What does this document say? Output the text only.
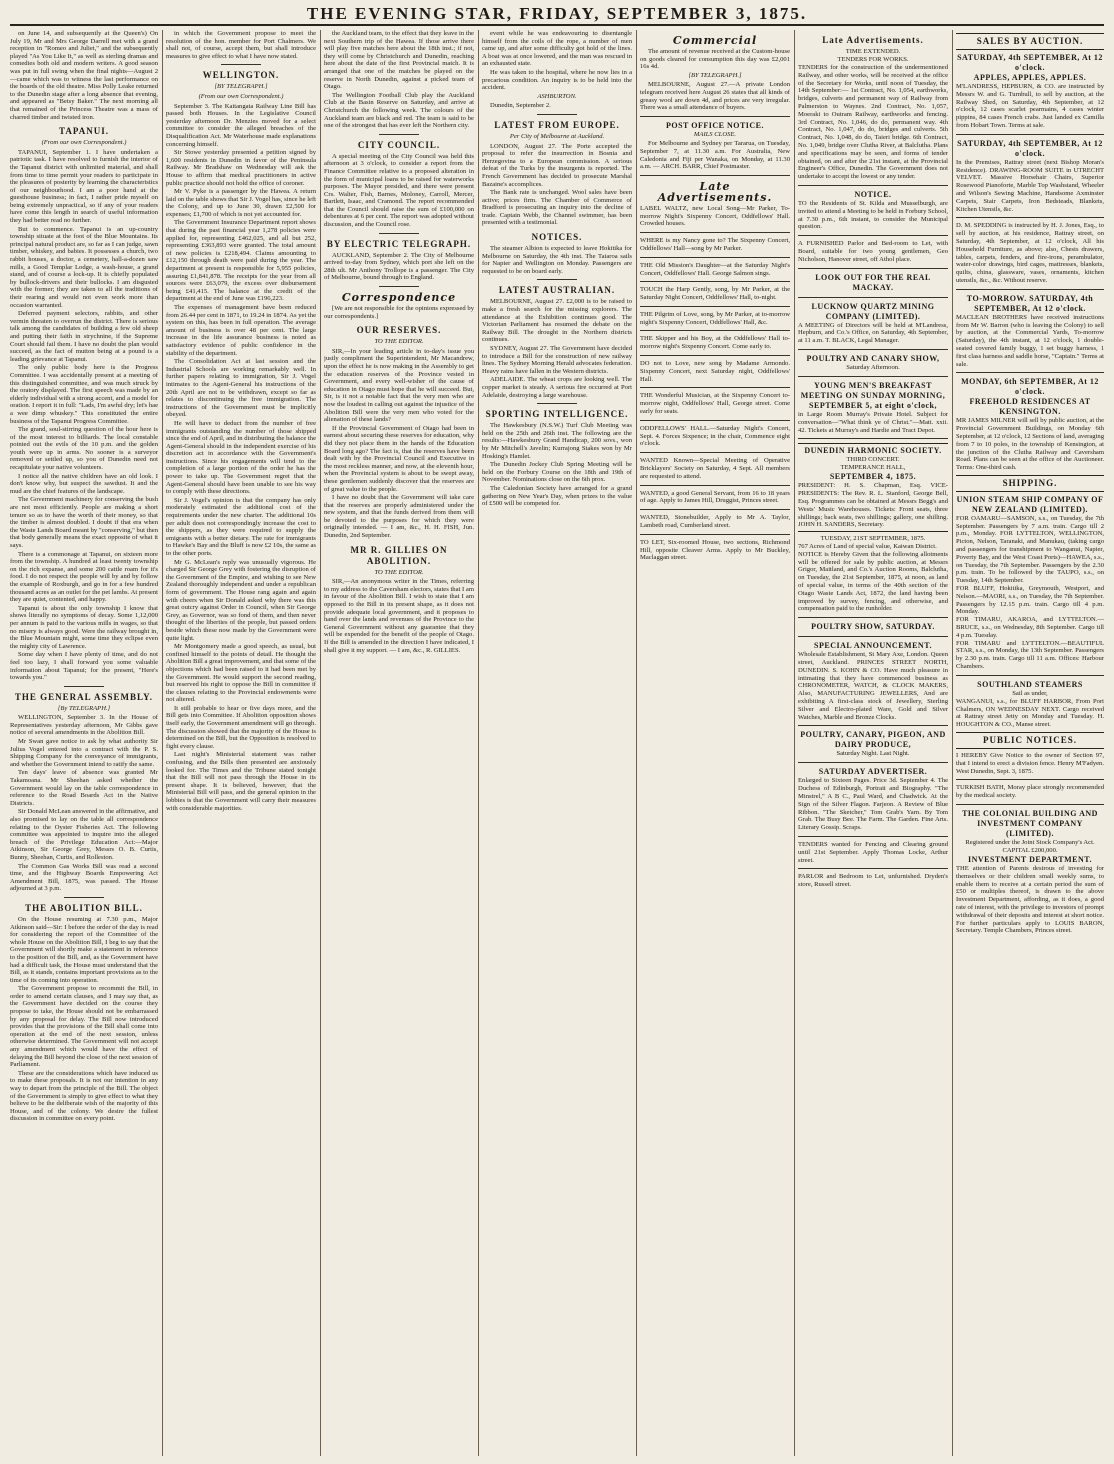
THE EVENING STAR, FRIDAY, SEPTEMBER 3, 1875.

on June 14, and subsequently at the Queen's) On July 19, Mr and Mrs George Darrell met with a grand reception in "Romeo and Juliet," and the subsequently played "As You Like It," as well as sterling dramas and comedies both old and modern writers. A good season was put in full swing when the final nights—August 2—came which was to witness the last performance on the boards of the old theatre. Miss Polly Leake returned to the Dunedin stage after a long absence that evening, and appeared as "Betsy Baker." The next morning all that remained of the Princess Theatre was a mass of charred timber and twisted iron.

TAPANUI.
(From our own Correspondent.)

TAPANUI, September 1. I have undertaken a patriotic task. I have resolved to furnish the interior of the Tapanui district with unlimited material, and shall from time to time permit your readers to participate in the pleasures of posterity by learning the characteristics of our neighbourhood. I am a poor hand at the guesthouse business; in fact, I rather pride myself on being extremely unpractical, so if any of your readers have come this length in search of useful information they had better read no further.

But to commence. Tapanui is an up-country township situate at the foot of the Blue Mountains. Its principal natural product are, so far as I can judge, sawn timber, whiskey, and babies. It possesses a church, two rabbit houses, a doctor, a cemetery, hall-a-dozen saw mills, a Good Templar Lodge, a wash-house, a grand stand, and of course a lock-up. It is chiefly populated by bullock-drivers and their bullocks. I am disgusted with the former; they are taken to all the traditions of their rearing and would not even work more than occasion warranted.

Deferred payment selectors, rabbits, and other vermin threaten to overrun the district. There is serious talk among the candidates of building a few old sheep and putting their faith in strychnine, if the Supreme Court should fail them. I have no doubt the plan would succeed, as the fact of mutton being at a pound is a leading grievance at Tapanui.

The only public body here is the Progress Committee. I was accidentally present at a meeting of this distinguished committee, and was much struck by the oratory displayed. The first speech was made by an elderly individual with a strong accent, and a model for oration. I report it in full: "Lads, I'm awful dry; let's hae a wee dimp whuskey." This constituted the entire business of the Tapanui Progress Committee.

The grand, soul-stirring question of the hour here is of the most interest to billiards. The local constable pointed out the evils of the 10 p.m. and the golden youth were up in arms. No sooner is a surveyor removed or settled up, so you of Dunedin need not recapitulate your native volunteers.

I notice all the native children have an old look. I don't know why, but suspect the sawdust. It and the mud are the chief features of the landscape.

The Government machinery for conserving the bush are not most efficiently. People are making a short tenure so as to have the worth of their money, so that the timber is almost doubled. I doubt if that era when the Waste Lands Board meant by "conserving," but then that body generally means the exact opposite of what it says.

There is a commonage at Tapanui, on sixteen more from the township. A hundred at least twenty township on the rich expanse, and some 200 cattle roam for it's food. I do not respect the people will by and by follow the example of Roxburgh, and go in for a few hundred thousand acres as an outlet for the pet lambs. At present they are quiet, contented, and happy.

Tapanui is about the only township I know that shows literally no symptoms of decay. Some 1,12,000 per annum is paid to the various mills in wages, so that no misery is always good. Were the railway brought in, the Blue Mountain might, some time they eclipse even the mighty city of Lawrence.

Some day when I have plenty of time, and do not feel too lazy, I shall forward you some valuable information about Tapanui; for the present, "Here's towards you."

THE GENERAL ASSEMBLY.
[By TELEGRAPH.]

WELLINGTON, September 3. In the House of Representatives yesterday afternoon, Mr Gibbs gave notice of several amendments in the Abolition Bill.

Mr Swan gave notice to ask by what authority Sir Julius Vogel entered into a contract with the P. S. Shipping Company for the conveyance of immigrants, and whether the Government intend to ratify the same.

Ten days' leave of absence was granted Mr Takamoana. Mr Sheehan asked whether the Government would lay on the table correspondence in reference to the Road Boards Act in the Native Districts.

Sir Donald McLean answered in the affirmative, and also promised to lay on the table all correspondence relating to the Oyster Fisheries Act. The following committee was appointed to inquire into the alleged breach of the Privilege Education Act:—Major Atkinson, Sir George Grey, Messrs O. B. Curtis, Bunny, Sheehan, Curtis, and Rolleston.

The Common Gas Works Bill was read a second time, and the Highway Boards Empowering Act Amendment Bill, 1875, was passed. The House adjourned at 3 p.m.

THE ABOLITION BILL.

On the House resuming at 7.30 p.m., Major Atkinson said—Sir: I before the order of the day is read for considering the report of the Committee of the whole House on the Abolition Bill, I beg to say that the Government will shortly make a statement in reference to the position of the Bill, and, as the Government have had a difficult task, the House must understand that the Bill, as it stands, contains important provisions as to the time of its coming into operation.

The Government propose to recommit the Bill, in order to amend certain clauses, and I may say that, as the Government have decided on the course they propose to take, the House should not be embarrassed by any proposal for delay. The Bill now introduced provides that the provisions of the Bill shall come into operation at the end of the next session, unless otherwise determined. The Government will not accept any amendment which would have the effect of delaying the Bill beyond the close of the next session of Parliament.

These are the considerations which have induced us to make these proposals. It is not our intention in any way to depart from the principle of the Bill. The object of the Government is simply to give effect to what they believe to be the deliberate wish of the majority of this House, and of the colony. We desire the fullest discussion in committee on every point.

in which the Government propose to meet the resolution of the hon. member for Port Chalmers. We shall not, of course, accept them, but shall introduce measures to give effect to what I have now stated.

WELLINGTON.
[BY TELEGRAPH.]
(From our own Correspondent.)

September 3. The Kaitangata Railway Line Bill has passed both Houses. In the Legislative Council yesterday afternoon Dr. Menzies moved for a select committee to consider the alleged breaches of the Disqualification Act. Mr Waterhouse made explanations concerning himself.

Sir Stowe yesterday presented a petition signed by 1,600 residents in Dunedin in favor of the Peninsula Railway. Mr Bradshaw on Wednesday will ask the House to affirm that medical practitioners in active public practice should not hold the office of coroner.

Mr V. Pyke is a passenger by the Hawea. A return laid on the table shows that Sir J. Vogel has, since he left the Colony, and up to June 30, drawn £2,500 for expenses; £1,700 of which is not yet accounted for.

The Government Insurance Department report shows that during the past financial year 1,278 policies were applied for, representing £462,025, and all but 252, representing £363,893 were granted. The total amount of new policies is £218,494. Claims amounting to £12,150 through death were paid during the year. The department at present is responsible for 5,955 policies, assuring £1,841,878. The receipts for the year from all sources were £63,079, the excess over disbursement being £41,415. The balance at the credit of the department at the end of June was £196,223.

The expenses of management have been reduced from 26.44 per cent in 1871, to 19.24 in 1874. As yet the system on this, has been in full operation. The average amount of business is over 48 per cent. The large increase in the life assurance business is noted as satisfactory evidence of public confidence in the stability of the department.

The Consolidation Act at last session and the Industrial Schools are working remarkably well. In further papers relating to immigration, Sir J. Vogel intimates to the Agent-General his instructions of the 20th April are not to be withdrawn, except so far as relates to discontinuing the free immigration. The instructions of the Government must be implicitly obeyed.

He will have to deduct from the number of free immigrants outstanding the number of those shipped since the end of April, and in distributing the balance the Agent-General should in the independent exercise of his discretion act in accordance with the Government's instructions. Since his engagements will tend to the completion of a large portion of the order he has the power to take up. The Government regret that the Agent-General should have been unable to see his way to comply with these directions.

Sir J. Vogel's opinion is that the company has only moderately estimated the additional cost of the requirements under the new charter. The additional 10s per adult does not correspondingly increase the cost to the shippers, as they were required to supply the emigrants with a better dietary. The rate for immigrants to Hawke's Bay and the Bluff is now £2 10s, the same as to the other ports.

Mr G. McLean's reply was unusually vigorous. He charged Sir George Grey with fostering the disruption of the Government of the Empire, and wishing to see New Zealand thoroughly independent and under a republican form of government. The House rang again and again with cheers when Sir Donald asked why there was this great outcry against Order in Council, when Sir George Grey, as Governor, was so fond of them, and then never thought of the liberties of the people, but passed orders beside which these now made by the Government were quite light.

Mr Montgomery made a good speech, as usual, but confined himself to the points of detail. He thought the Abolition Bill a great improvement, and that some of the objections which had been raised to it had been met by the Government. He would support the second reading, but reserved his right to oppose the Bill in committee if the clauses relating to the Provincial endowments were not altered.

It still probable to hear or five days more, and the Bill gets into Committee. If Abolition opposition shows itself early, the Government amendment will go through. The discussion showed that the majority of the House is determined on the Bill, but the Opposition is resolved to fight every clause.

Last night's Ministerial statement was rather confusing, and the Bills then presented are anxiously looked for. The Times and the Tribune stated tonight that the Bill will not pass through the House in its present shape. It is believed, however, that the Ministerial Bill will pass, and the general opinion in the lobbies is that the Government will carry their measures with considerable majorities.

the Auckland team, to the effect that they leave in the next Southern trip of the Hawea. If those arrive there will play five matches here about the 18th inst.; if not, they will come by Christchurch and Dunedin, reaching here about the date of the first Provincial match. It is arranged that one of the matches be played on the reserve in North Dunedin, against a picked team of Otago.

The Wellington Football Club play the Auckland Club at the Basin Reserve on Saturday, and arrive at Christchurch the following week. The colours of the Auckland team are black and red. The team is said to be one of the strongest that has ever left the Northern city.

CITY COUNCIL.

A special meeting of the City Council was held this afternoon at 3 o'clock, to consider a report from the Finance Committee relative to a proposed alteration in the form of municipal loans to be raised for waterworks purposes. The Mayor presided, and there were present Crs. Walter, Fish, Barnes, Moloney, Carroll, Mercer, Bartlett, Isaac, and Cramond. The report recommended that the Council should raise the sum of £100,000 on debentures at 6 per cent. The report was adopted without discussion, and the Council rose.

BY ELECTRIC TELEGRAPH.

AUCKLAND, September 2. The City of Melbourne arrived to-day from Sydney, which port she left on the 28th ult. Mr Anthony Trollope is a passenger. The City of Melbourne, bound through to England.

Correspondence

[We are not responsible for the opinions expressed by our correspondents.]

OUR RESERVES.
TO THE EDITOR.

SIR,—In your leading article in to-day's issue you justly compliment the Superintendent, Mr Macandrew, upon the effect he is now making in the Assembly to get the education reserves of the Province vested in Government, and every well-wisher of the cause of education in Otago must hope that he will succeed. But, Sir, is it not a notable fact that the very men who are now the loudest in calling out against the injustice of the Abolition Bill were the very men who voted for the alienation of these lands?

If the Provincial Government of Otago had been in earnest about securing these reserves for education, why did they not place them in the hands of the Education Board long ago? The fact is, that the reserves have been dealt with by the Provincial Council and Executive in the most reckless manner, and now, at the eleventh hour, when the Provincial system is about to be swept away, these gentlemen suddenly discover that the reserves are of great value to the people.

I have no doubt that the Government will take care that the reserves are properly administered under the new system, and that the funds derived from them will be devoted to the purposes for which they were originally intended. — I am, &c., H. H. FISH, Jun. Dunedin, 2nd September.

MR R. GILLIES ON ABOLITION.
TO THE EDITOR.

SIR,—An anonymous writer in the Times, referring to my address to the Caversham electors, states that I am in favour of the Abolition Bill. I wish to state that I am opposed to the Bill in its present shape, as it does not provide adequate local government, and it proposes to hand over the lands and revenues of the Province to the General Government without any guarantee that they will be expended for the benefit of the people of Otago. If the Bill is amended in the direction I have indicated, I shall give it my support. — I am, &c., R. GILLIES.

event while he was endeavouring to disentangle himself from the coils of the rope, a number of men came up, and after some difficulty got hold of the lines. A boat was at once lowered, and the man was rescued in an exhausted state.

He was taken to the hospital, where he now lies in a precarious condition. An inquiry is to be held into the accident.

ASHBURTON.

Dunedin, September 2.

LATEST FROM EUROPE.
Per City of Melbourne at Auckland.

LONDON, August 27. The Porte accepted the proposal to refer the insurrection in Bosnia and Herzegovina to a European commission. A serious defeat of the Turks by the insurgents is reported. The French Government has decided to prosecute Marshal Bazaine's accomplices.

The Bank rate is unchanged. Wool sales have been active; prices firm. The Chamber of Commerce of Bradford is prosecuting an inquiry into the decline of trade. Captain Webb, the Channel swimmer, has been presented with a testimonial.

NOTICES.

The steamer Albion is expected to leave Hokitika for Melbourne on Saturday, the 4th inst. The Taiaroa sails for Napier and Wellington on Monday. Passengers are requested to be on board early.

LATEST AUSTRALIAN.

MELBOURNE, August 27. £2,000 is to be raised to make a fresh search for the missing explorers. The attendance at the Exhibition continues good. The Victorian Parliament has resumed the debate on the Railway Bill. The drought in the Northern districts continues.

SYDNEY, August 27. The Government have decided to introduce a Bill for the construction of new railway lines. The Sydney Morning Herald advocates federation. Heavy rains have fallen in the Western districts.

ADELAIDE. The wheat crops are looking well. The copper market is steady. A serious fire occurred at Port Adelaide, destroying a large warehouse.

SPORTING INTELLIGENCE.

The Hawkesbury (N.S.W.) Turf Club Meeting was held on the 25th and 26th inst. The following are the results:—Hawkesbury Grand Handicap, 200 sovs., won by Mr Mitchell's Javelin; Kurrajong Stakes won by Mr Hosking's Hamlet.

The Dunedin Jockey Club Spring Meeting will be held on the Forbury Course on the 18th and 19th of November. Nominations close on the 6th prox.

The Caledonian Society have arranged for a grand gathering on New Year's Day, when prizes to the value of £500 will be competed for.

Commercial

The amount of revenue received at the Custom-house on goods cleared for consumption this day was £2,001 16s 4d.

[BY TELEGRAPH.]

MELBOURNE, August 27.—A private London telegram received here August 26 states that all kinds of greasy wool are down 4d, and prices are very irregular. There was a small attendance of buyers.

POST OFFICE NOTICE.
MAILS CLOSE.

For Melbourne and Sydney per Tararua, on Tuesday, September 7, at 11.30 a.m. For Australia, New Caledonia and Fiji per Wanaka, on Monday, at 11.30 a.m. — ARCH. BARR, Chief Postmaster.

Late Advertisements.
LABEL WALTZ, new Local Song—Mr Parker, To-morrow Night's Sixpenny Concert, Oddfellows' Hall. Crowded houses.
WHERE is my Nancy gone to? The Sixpenny Concert, Oddfellows' Hall—song by Mr Parker.
THE Old Mission's Daughter—at the Saturday Night's Concert, Oddfellows' Hall. George Salmon sings.
TOUCH the Harp Gently, song, by Mr Parker, at the Saturday Night Concert, Oddfellows' Hall, to-night.
THE Pilgrim of Love, song, by Mr Parker, at to-morrow night's Sixpenny Concert, Oddfellows' Hall, &c.
THE Skipper and his Boy, at the Oddfellows' Hall to-morrow night's Sixpenny Concert. Come early to.
DO not to Love, new song by Madame Armondo. Sixpenny Concert, next Saturday night, Oddfellows' Hall.
THE Wonderful Musician, at the Sixpenny Concert to-morrow night, Oddfellows' Hall, George street. Come early for seats.
ODDFELLOWS' HALL.—Saturday Night's Concert, Sept. 4. Forces Sixpence; in the chair, Commence eight o'clock.
WANTED Known—Special Meeting of Operative Bricklayers' Society on Saturday, 4 Sept. All members are requested to attend.
WANTED, a good General Servant, from 16 to 18 years of age. Apply to James Hill, Druggist, Princes street.
WANTED, Stonebuilder, Apply to Mr A. Taylor, Lambeth road, Cumberland street.
TO LET, Six-roomed House, two sections, Richmond Hill, opposite Cleaver Arms. Apply to Mr Buckley, Maclaggan street.
Late Advertisements.
TIME EXTENDED.
TENDERS FOR WORKS.
TENDERS for the construction of the undermentioned Railway, and other works, will be received at the office of the Secretary for Works, until noon of Tuesday, the 14th September:— 1st Contract, No. 1,054, earthworks, bridges, culverts and permanent way of Railway from Palmerston to Waynes. 2nd Contract, No. 1,057, Moeraki to Outram Railway, earthworks and fencing. 3rd Contract, No. 1,046, do do, permanent way. 4th Contract, No. 1,047, do do, bridges and culverts. 5th Contract, No. 1,048, do do, Taieri bridge. 6th Contract, No. 1,049, bridge over Clutha River, at Balclutha. Plans and specifications may be seen, and forms of tender obtained, on and after the 21st instant, at the Provincial Engineer's Office, Dunedin. The Government does not undertake to accept the lowest or any tender.
NOTICE.
TO the Residents of St. Kilda and Musselburgh, are invited to attend a Meeting to be held in Forbury School, at 7.30 p.m., 6th instant, to consider the Municipal question.
A FURNISHED Parlor and Bed-room to Let, with Board, suitable for two young gentlemen, Geo Nicholson, Hanover street, off Athol place.
LOOK OUT FOR THE REAL MACKAY.
LUCKNOW QUARTZ MINING COMPANY (LIMITED).
A MEETING of Directors will be held at M'Landress, Hepburn, and Co.'s Office, on Saturday, 4th September, at 11 a.m. T. BLACK, Legal Manager.
POULTRY AND CANARY SHOW,
Saturday Afternoon.
YOUNG MEN'S BREAKFAST MEETING ON SUNDAY MORNING, SEPTEMBER 5, at eight o'clock,
in Large Room Murray's Private Hotel. Subject for conversation—"What think ye of Christ."—Matt. xxii. 42. Tickets at Murray's and Hardie and Tract Depot.
DUNEDIN HARMONIC SOCIETY.
THIRD CONCERT.
TEMPERANCE HALL,
SEPTEMBER 4, 1875.
PRESIDENT: H. S. Chapman, Esq. VICE-PRESIDENTS: The Rev. R. L. Stanford, George Bell, Esq. Programmes can be obtained at Messrs Begg's and Wests' Music Warehouses. Tickets: Front seats, three shillings; back seats, two shillings; gallery, one shilling. JOHN H. SANDERS, Secretary.
TUESDAY, 21ST SEPTEMBER, 1875.
767 Acres of Land of special value, Kaiwan District.
NOTICE is Hereby Given that the following allotments will be offered for sale by public auction, at Messrs Grigor, Maitland, and Co.'s Auction Rooms, Balclutha, on Tuesday, the 21st September, 1875, at noon, as land of special value, in terms of the 40th section of the Otago Waste Lands Act, 1872, the land having been improved by survey, fencing, and otherwise, and compensation paid to the runholder.
POULTRY SHOW, SATURDAY.
SPECIAL ANNOUNCEMENT.
Wholesale Establishment, St Mary Axe, London. Queen street, Auckland. PRINCES STREET NORTH, DUNEDIN. S. KOHN & CO. Have much pleasure in intimating that they have commenced business as CHRONOMETER, WATCH, & CLOCK MAKERS, Also, MANUFACTURING JEWELLERS, And are exhibiting A first-class stock of Jewellery, Sterling Silver and Electro-plated Ware, Gold and Silver Watches, Marble and Bronze Clocks.
POULTRY, CANARY, PIGEON, AND DAIRY PRODUCE,
Saturday Night. Last Night.
SATURDAY ADVERTISER.
Enlarged to Sixteen Pages. Price 3d. September 4. The Duchess of Edinburgh, Portrait and Biography. "The Minstrel," A B C., Paul Ward, and Chadwick. At the Sign of the Silver Flagon. Farjeon. A Review of Blue Ribbon. "The Sketcher," Tom Grab's Yarn. By Tom Grab. The Busy Bee. The Farm. The Garden. Fine Arts. Literary Gossip. Scraps.
TENDERS wanted for Fencing and Clearing ground until 21st September. Apply Thomas Locke, Arthur street.
PARLOR and Bedroom to Let, unfurnished. Dryden's store, Russell street.
SALES BY AUCTION.
SATURDAY, 4th SEPTEMBER, At 12 o'clock.
APPLES, APPLES, APPLES.
M'LANDRESS, HEPBURN, & CO. are instructed by Messrs W. and G. Turnbull, to sell by auction, at the Railway Shed, on Saturday, 4th September, at 12 o'clock, 12 cases scarlet pearmains, 4 cases winter pippins, 84 cases French crabs. Just landed ex Camilla from Hobart Town. Terms at sale.
SATURDAY, 4th SEPTEMBER, At 12 o'clock.
In the Premises, Rattray street (next Bishop Moran's Residence). DRAWING-ROOM SUITE in UTRECHT VELVET. Massive Horsehair Chairs, Superior Rosewood Pianoforte, Marble Top Washstand, Wheeler and Wilson's Sewing Machine, Handsome Axminster Carpets, Stair Carpets, Iron Bedsteads, Blankets, Kitchen Utensils, &c.
D. M. SPEDDING is instructed by H. J. Jones, Esq., to sell by auction, at his residence, Rattray street, on Saturday, 4th September, at 12 o'clock, All his Household Furniture, as above; also, Chests drawers, tables, carpets, fenders, and fire-irons, perambulator, water-color drawings, bird cages, mattresses, blankets, quilts, china, glassware, vases, ornaments, kitchen utensils, &c., &c. Without reserve.
TO-MORROW. SATURDAY, 4th SEPTEMBER, At 12 o'clock.
MACLEAN BROTHERS have received instructions from Mr W. Barron (who is leaving the Colony) to sell by auction, at the Commercial Yards, To-morrow (Saturday), the 4th instant, at 12 o'clock, 1 double-seated covered family buggy, 1 set buggy harness, 1 first class harness and saddle horse, "Captain." Terms at sale.
MONDAY, 6th SEPTEMBER, At 12 o'clock.
FREEHOLD RESIDENCES AT KENSINGTON.
MR JAMES MILNER will sell by public auction, at the Provincial Government Buildings, on Monday 6th September, at 12 o'clock, 12 Sections of land, averaging from 7 to 10 poles, in the township of Kensington, at the junction of the Clutha Railway and Caversham Road. Plans can be seen at the office of the Auctioneer. Terms: One-third cash.
SHIPPING.
UNION STEAM SHIP COMPANY OF NEW ZEALAND (LIMITED).
FOR OAMARU—SAMSON, s.s., on Tuesday, the 7th September. Passengers by 7 a.m. train. Cargo till 2 p.m., Monday. FOR LYTTELTON, WELLINGTON, Picton, Nelson, Taranaki, and Manukau, (taking cargo and passengers for transhipment to Wanganui, Napier, Poverty Bay, and the West Coast Ports)—HAWEA, s.s., on Tuesday, the 7th September. Passengers by the 2.30 p.m. train. To be followed by the TAUPO, s.s., on Tuesday, 14th September.
FOR BLUFF, Hokitika, Greymouth, Westport, and Nelson.—MAORI, s.s., on Tuesday, the 7th September. Passengers by 12.15 p.m. train. Cargo till 4 p.m. Monday.
FOR TIMARU, AKAROA, and LYTTELTON.—BRUCE, s.s., on Wednesday, 8th September. Cargo till 4 p.m. Tuesday.
FOR TIMARU and LYTTELTON.—BEAUTIFUL STAR, s.s., on Monday, the 13th September. Passengers by 2.30 p.m. train. Cargo till 11 a.m. Offices: Harbour Chambers.
SOUTHLAND STEAMERS
Sail as under,
WANGANUI, s.s., for BLUFF HARBOR, From Port Chalmers, ON WEDNESDAY NEXT. Cargo received at Rattray street Jetty on Monday and Tuesday. H. HOUGHTON & CO., Manse street.
PUBLIC NOTICES.
I HEREBY Give Notice to the owner of Section 97, that I intend to erect a division fence. Henry M'Fadyen. West Dunedin, Sept. 3, 1875.
TURKISH BATH, Moray place strongly recommended by the medical society.
THE COLONIAL BUILDING AND INVESTMENT COMPANY (LIMITED).
Registered under the Joint Stock Company's Act.
CAPITAL £200,000.
INVESTMENT DEPARTMENT.
THE attention of Parents desirous of investing for themselves or their children small weekly sums, to enable them to receive at a certain period the sum of £50 or multiples thereof, is drawn to the above Investment Department, affording, as it does, a good rate of interest, with the privilege to investors of prompt withdrawal of their deposits and interest at short notice. For further particulars apply to LOUIS BARON, Secretary. Temple Chambers, Princes street.
